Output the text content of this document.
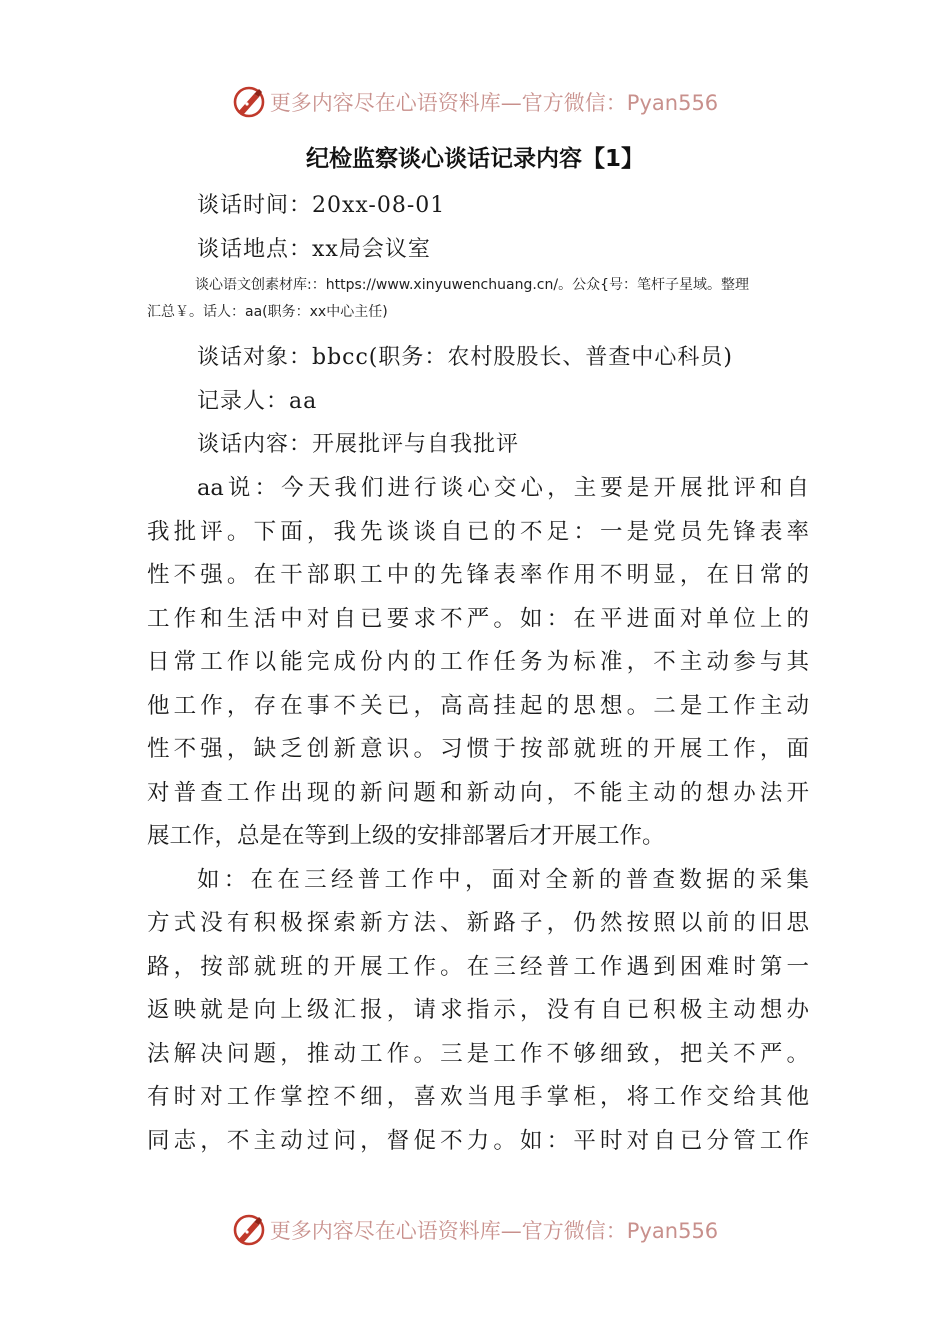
更多内容尽在心语资料库—官方微信：Pyan556
纪检监察谈心谈话记录内容【1】
谈话时间：20xx-08-01
谈话地点：xx局会议室
谈心语文创素材库:：https://www.xinyuwenchuang.cn/。公众{号：笔杆子星域。整理
汇总￥。话人：aa(职务：xx中心主任)
谈话对象：bbcc(职务：农村股股长、普查中心科员)
记录人：aa
谈话内容：开展批评与自我批评
aa说：今天我们进行谈心交心，主要是开展批评和自
我批评。下面，我先谈谈自已的不足：一是党员先锋表率
性不强。在干部职工中的先锋表率作用不明显，在日常的
工作和生活中对自已要求不严。如：在平进面对单位上的
日常工作以能完成份内的工作任务为标准，不主动参与其
他工作，存在事不关已，高高挂起的思想。二是工作主动
性不强，缺乏创新意识。习惯于按部就班的开展工作，面
对普查工作出现的新问题和新动向，不能主动的想办法开
展工作，总是在等到上级的安排部署后才开展工作。
如：在在三经普工作中，面对全新的普查数据的采集
方式没有积极探索新方法、新路子，仍然按照以前的旧思
路，按部就班的开展工作。在三经普工作遇到困难时第一
返映就是向上级汇报，请求指示，没有自已积极主动想办
法解决问题，推动工作。三是工作不够细致，把关不严。
有时对工作掌控不细，喜欢当甩手掌柜，将工作交给其他
同志，不主动过问，督促不力。如：平时对自已分管工作
更多内容尽在心语资料库—官方微信：Pyan556
